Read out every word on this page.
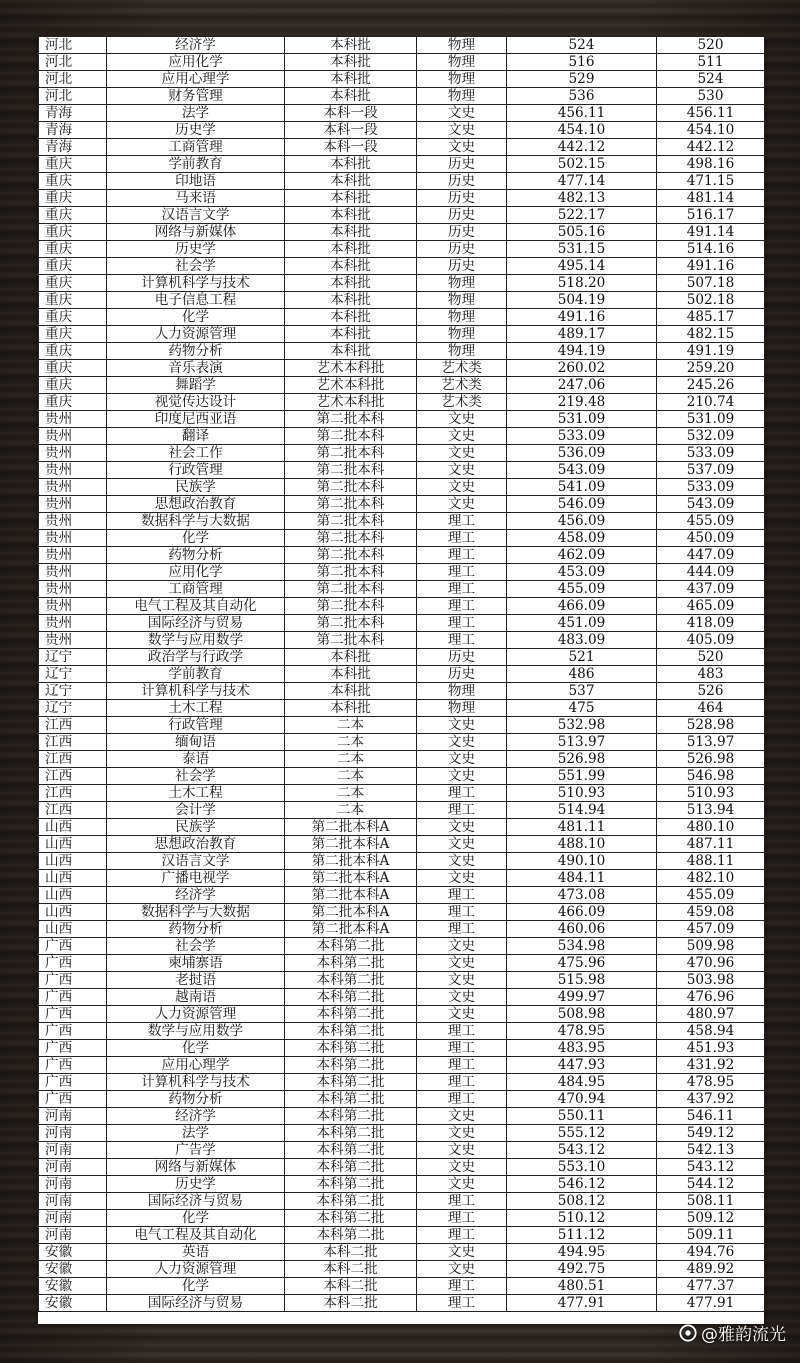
河北	经济学	本科批	物理	524	520
河北	应用化学	本科批	物理	516	511
河北	应用心理学	本科批	物理	529	524
河北	财务管理	本科批	物理	536	530
青海	法学	本科一段	文史	456.11	456.11
青海	历史学	本科一段	文史	454.10	454.10
青海	工商管理	本科一段	文史	442.12	442.12
重庆	学前教育	本科批	历史	502.15	498.16
重庆	印地语	本科批	历史	477.14	471.15
重庆	马来语	本科批	历史	482.13	481.14
重庆	汉语言文学	本科批	历史	522.17	516.17
重庆	网络与新媒体	本科批	历史	505.16	491.14
重庆	历史学	本科批	历史	531.15	514.16
重庆	社会学	本科批	历史	495.14	491.16
重庆	计算机科学与技术	本科批	物理	518.20	507.18
重庆	电子信息工程	本科批	物理	504.19	502.18
重庆	化学	本科批	物理	491.16	485.17
重庆	人力资源管理	本科批	物理	489.17	482.15
重庆	药物分析	本科批	物理	494.19	491.19
重庆	音乐表演	艺术本科批	艺术类	260.02	259.20
重庆	舞蹈学	艺术本科批	艺术类	247.06	245.26
重庆	视觉传达设计	艺术本科批	艺术类	219.48	210.74
贵州	印度尼西亚语	第二批本科	文史	531.09	531.09
贵州	翻译	第二批本科	文史	533.09	532.09
贵州	社会工作	第二批本科	文史	536.09	533.09
贵州	行政管理	第二批本科	文史	543.09	537.09
贵州	民族学	第二批本科	文史	541.09	533.09
贵州	思想政治教育	第二批本科	文史	546.09	543.09
贵州	数据科学与大数据	第二批本科	理工	456.09	455.09
贵州	化学	第二批本科	理工	458.09	450.09
贵州	药物分析	第二批本科	理工	462.09	447.09
贵州	应用化学	第二批本科	理工	453.09	444.09
贵州	工商管理	第二批本科	理工	455.09	437.09
贵州	电气工程及其自动化	第二批本科	理工	466.09	465.09
贵州	国际经济与贸易	第二批本科	理工	451.09	418.09
贵州	数学与应用数学	第二批本科	理工	483.09	405.09
辽宁	政治学与行政学	本科批	历史	521	520
辽宁	学前教育	本科批	历史	486	483
辽宁	计算机科学与技术	本科批	物理	537	526
辽宁	土木工程	本科批	物理	475	464
江西	行政管理	二本	文史	532.98	528.98
江西	缅甸语	二本	文史	513.97	513.97
江西	泰语	二本	文史	526.98	526.98
江西	社会学	二本	文史	551.99	546.98
江西	土木工程	二本	理工	510.93	510.93
江西	会计学	二本	理工	514.94	513.94
山西	民族学	第二批本科A	文史	481.11	480.10
山西	思想政治教育	第二批本科A	文史	488.10	487.11
山西	汉语言文学	第二批本科A	文史	490.10	488.11
山西	广播电视学	第二批本科A	文史	484.11	482.10
山西	经济学	第二批本科A	理工	473.08	455.09
山西	数据科学与大数据	第二批本科A	理工	466.09	459.08
山西	药物分析	第二批本科A	理工	460.06	457.09
广西	社会学	本科第二批	文史	534.98	509.98
广西	柬埔寨语	本科第二批	文史	475.96	470.96
广西	老挝语	本科第二批	文史	515.98	503.98
广西	越南语	本科第二批	文史	499.97	476.96
广西	人力资源管理	本科第二批	文史	508.98	480.97
广西	数学与应用数学	本科第二批	理工	478.95	458.94
广西	化学	本科第二批	理工	483.95	451.93
广西	应用心理学	本科第二批	理工	447.93	431.92
广西	计算机科学与技术	本科第二批	理工	484.95	478.95
广西	药物分析	本科第二批	理工	470.94	437.92
河南	经济学	本科第二批	文史	550.11	546.11
河南	法学	本科第二批	文史	555.12	549.12
河南	广告学	本科第二批	文史	543.12	542.13
河南	网络与新媒体	本科第二批	文史	553.10	543.12
河南	历史学	本科第二批	文史	546.12	544.12
河南	国际经济与贸易	本科第二批	理工	508.12	508.11
河南	化学	本科第二批	理工	510.12	509.12
河南	电气工程及其自动化	本科第二批	理工	511.12	509.11
安徽	英语	本科二批	文史	494.95	494.76
安徽	人力资源管理	本科二批	文史	492.75	489.92
安徽	化学	本科二批	理工	480.51	477.37
安徽	国际经济与贸易	本科二批	理工	477.91	477.91
@雅韵流光
